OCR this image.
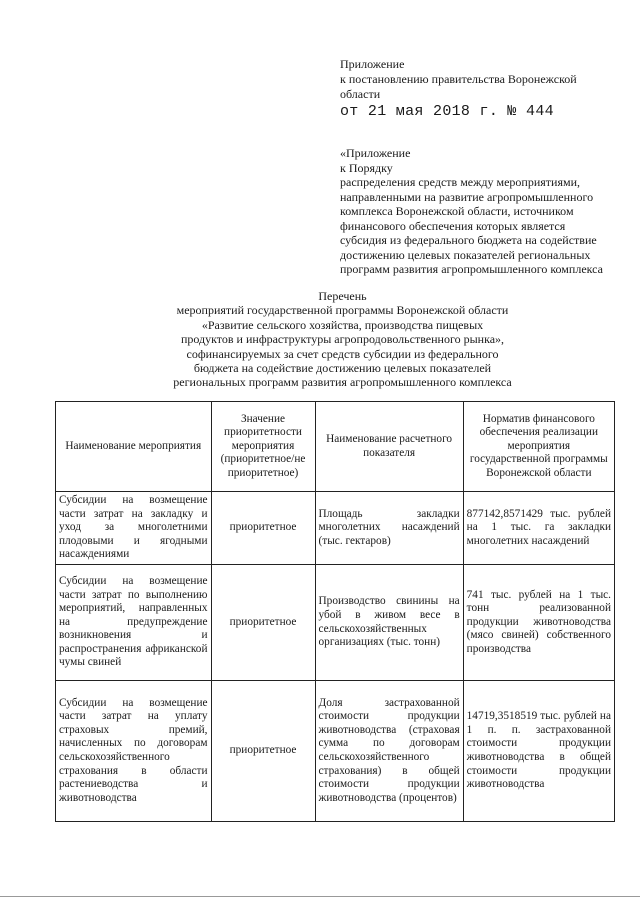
Приложение
к постановлению правительства Воронежской
области
от 21 мая 2018 г. № 444
«Приложение
к Порядку
распределения средств между мероприятиями,
направленными на развитие агропромышленного
комплекса Воронежской области, источником
финансового обеспечения которых является
субсидия из федерального бюджета на содействие
достижению целевых показателей региональных
программ развития агропромышленного комплекса
Перечень
мероприятий государственной программы Воронежской области
«Развитие сельского хозяйства, производства пищевых
продуктов и инфраструктуры агропродовольственного рынка»,
софинансируемых за счет средств субсидии из федерального
бюджета на содействие достижению целевых показателей
региональных программ развития агропромышленного комплекса
Наименование мероприятия	Значение приоритетности мероприятия (приоритетное/не приоритетное)	Наименование расчетного показателя	Норматив финансового обеспечения реализации мероприятия государственной программы Воронежской области
Субсидии на возмещение части затрат на закладку и уход за многолетними плодовыми и ягодными насаждениями	приоритетное	Площадь закладки многолетних насаждений (тыс. гектаров)	877142,8571429 тыс. рублей на 1 тыс. га закладки многолетних насаждений
Субсидии на возмещение части затрат по выполнению мероприятий, направленных на предупреждение возникновения и распространения африканской чумы свиней	приоритетное	Производство свинины на убой в живом весе в сельскохозяйственных организациях (тыс. тонн)	741 тыс. рублей на 1 тыс. тонн реализованной продукции животноводства (мясо свиней) собственного производства
Субсидии на возмещение части затрат на уплату страховых премий, начисленных по договорам сельскохозяйственного страхования в области растениеводства и животноводства	приоритетное	Доля застрахованной стоимости продукции животноводства (страховая сумма по договорам сельскохозяйственного страхования) в общей стоимости продукции животноводства (процентов)	14719,3518519 тыс. рублей на 1 п. п. застрахованной стоимости продукции животноводства в общей стоимости продукции животноводства
